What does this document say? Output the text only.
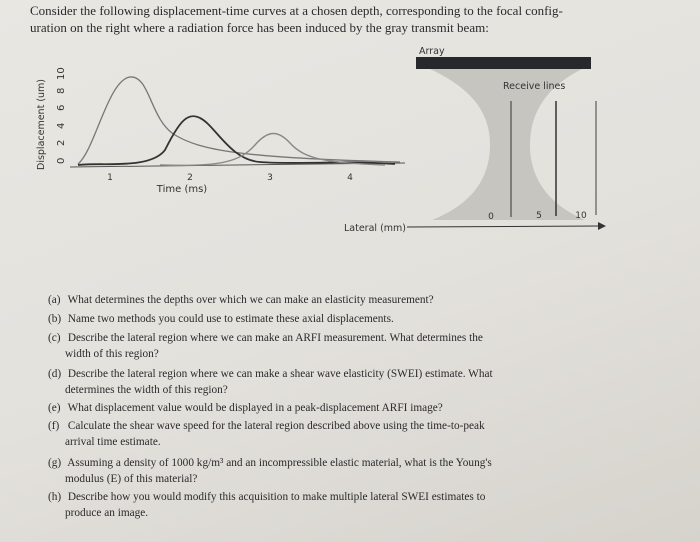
Consider the following displacement-time curves at a chosen depth, corresponding to the focal config-
uration on the right where a radiation force has been induced by the gray transmit beam:
Displacement (um) 0
2
4
6
8
10
1	2	3	4
Time (ms)
Array
Receive lines
Lateral (mm)
0	5	10
(a) What determines the depths over which we can make an elasticity measurement?
(b) Name two methods you could use to estimate these axial displacements.
(c) Describe the lateral region where we can make an ARFI measurement. What determines the
width of this region?
(d) Describe the lateral region where we can make a shear wave elasticity (SWEI) estimate. What
determines the width of this region?
(e) What displacement value would be displayed in a peak-displacement ARFI image?
(f) Calculate the shear wave speed for the lateral region described above using the time-to-peak
arrival time estimate.
(g) Assuming a density of 1000 kg/m³ and an incompressible elastic material, what is the Young's
modulus (E) of this material?
(h) Describe how you would modify this acquisition to make multiple lateral SWEI estimates to
produce an image.
